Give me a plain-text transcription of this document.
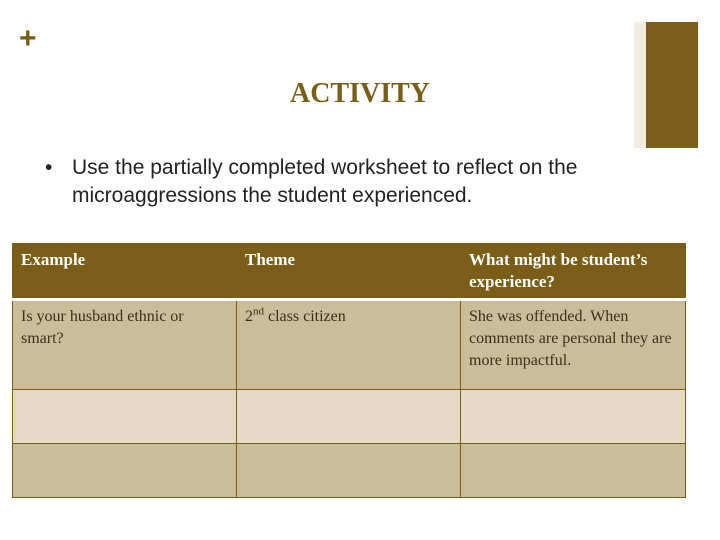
+
ACTIVITY
• Use the partially completed worksheet to reflect on the microaggressions the student experienced.
Example	Theme	What might be student’s experience?
Is your husband ethnic or smart?	2nd class citizen	She was offended. When comments are personal they are more impactful.
